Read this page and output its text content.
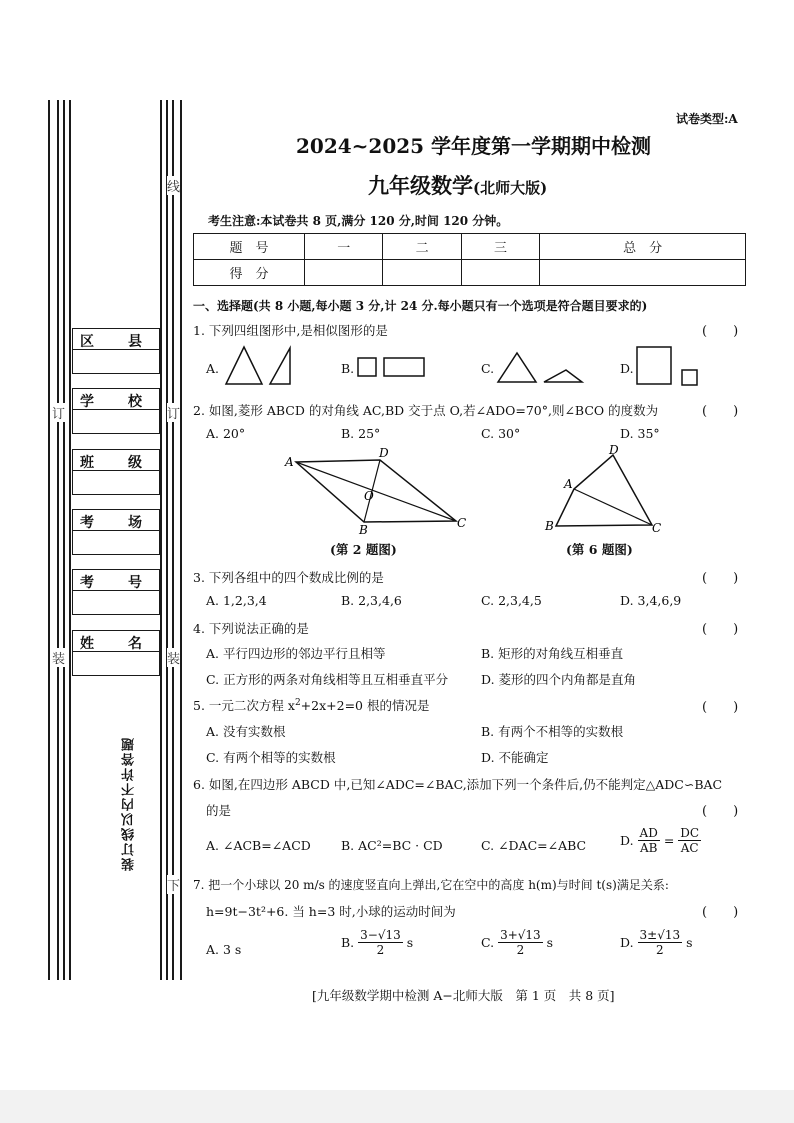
线
订
装
下
订
装
区　县
学　校
班　级
考　场
考　号
姓　名
装订线以内不许答题
试卷类型:A
2024~2025 学年度第一学期期中检测
九年级数学(北师大版)
考生注意:本试卷共 8 页,满分 120 分,时间 120 分钟。
题　号	一	二	三	总　分
得　分				
一、选择题(共 8 小题,每小题 3 分,计 24 分.每小题只有一个选项是符合题目要求的)
1. 下列四组图形中,是相似图形的是	(　　)
A.	B.	C.	D.
2. 如图,菱形 ABCD 的对角线 AC,BD 交于点 O,若∠ADO=70°,则∠BCO 的度数为	(　　)
A. 20°	B. 25°	C. 30°	D. 35°
A
B	C
D
O
(第 2 题图)
A
B	C
D
(第 6 题图)
3. 下列各组中的四个数成比例的是	(　　)
A. 1,2,3,4	B. 2,3,4,6	C. 2,3,4,5	D. 3,4,6,9
4. 下列说法正确的是	(　　)
A. 平行四边形的邻边平行且相等	B. 矩形的对角线互相垂直
C. 正方形的两条对角线相等且互相垂直平分	D. 菱形的四个内角都是直角
5. 一元二次方程 $x^2+2x+2=0$ 根的情况是	(　　)
A. 没有实数根	B. 有两个不相等的实数根
C. 有两个相等的实数根	D. 不能确定
6. 如图,在四边形 ABCD 中,已知∠ADC=∠BAC,添加下列一个条件后,仍不能判定△ADC∽BAC
的是	(　　)
A. ∠ACB=∠ACD B. AC²=BC · CD	C. ∠DAC=∠ABC	D. $\frac{AD}{AB} = \frac{DC}{AC}$
7. 把一个小球以 20 m/s 的速度竖直向上弹出,它在空中的高度 h(m)与时间 t(s)满足关系:
h=9t−3t²+6. 当 h=3 时,小球的运动时间为	(　　)
A. 3 s	B. $\frac{3-√13}{2}$ s	C. $\frac{3+√13}{2}$ s	D. $\frac{3\pm√13}{2}$ s
[九年级数学期中检测 A−北师大版　第 1 页　共 8 页]
